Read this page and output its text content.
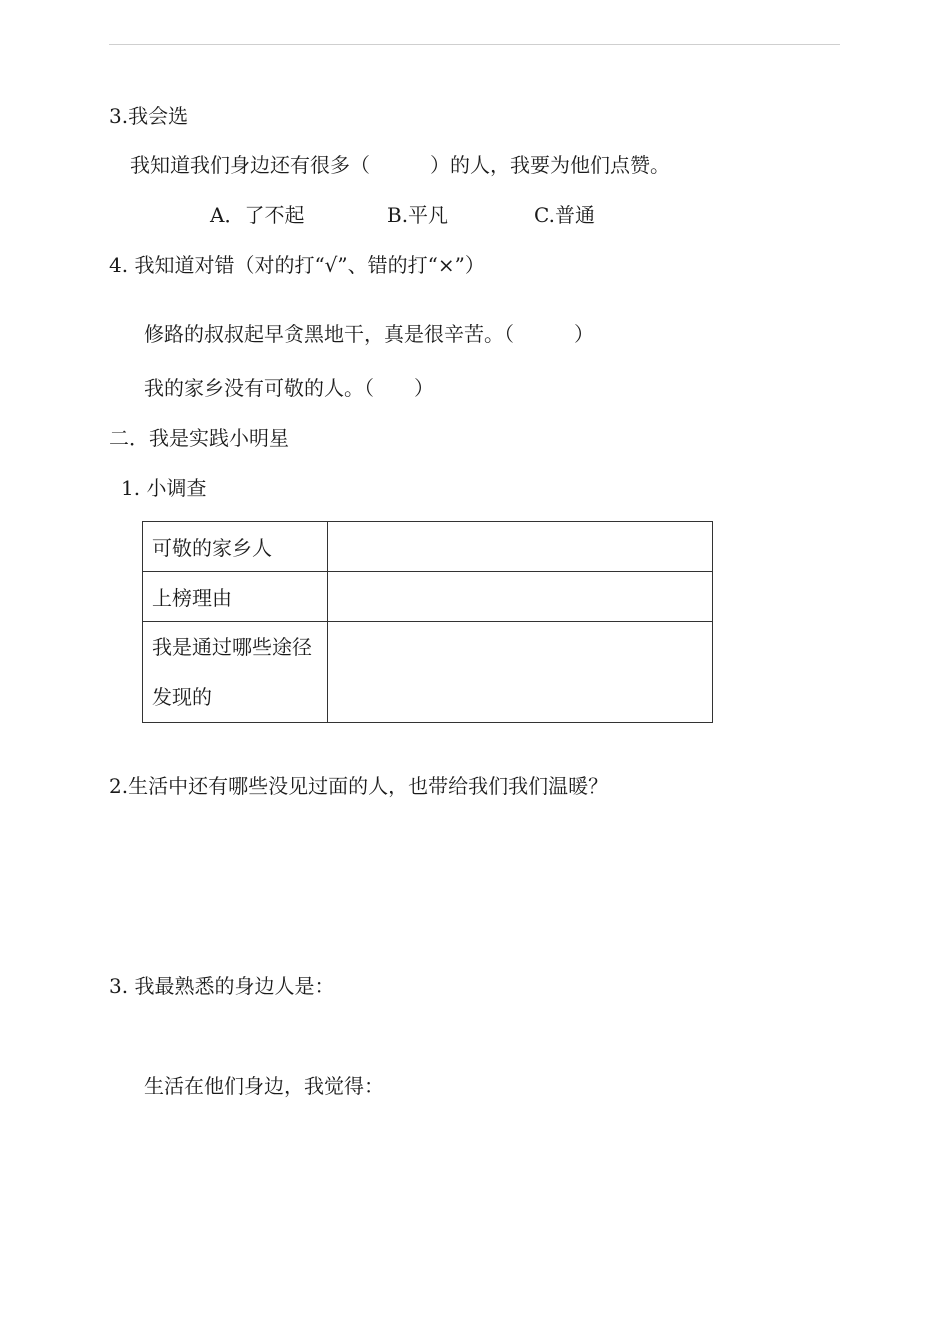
3.我会选
我知道我们身边还有很多（　　　）的人，我要为他们点赞。
A．了不起	B.平凡	C.普通
4. 我知道对错（对的打“√”、错的打“×”）
修路的叔叔起早贪黑地干，真是很辛苦。（　　　）
我的家乡没有可敬的人。（　　）
二．我是实践小明星
1. 小调查
可敬的家乡人	
上榜理由	

我是通过哪些途径发现的	

2.生活中还有哪些没见过面的人，也带给我们我们温暖？
3. 我最熟悉的身边人是：
生活在他们身边，我觉得：
